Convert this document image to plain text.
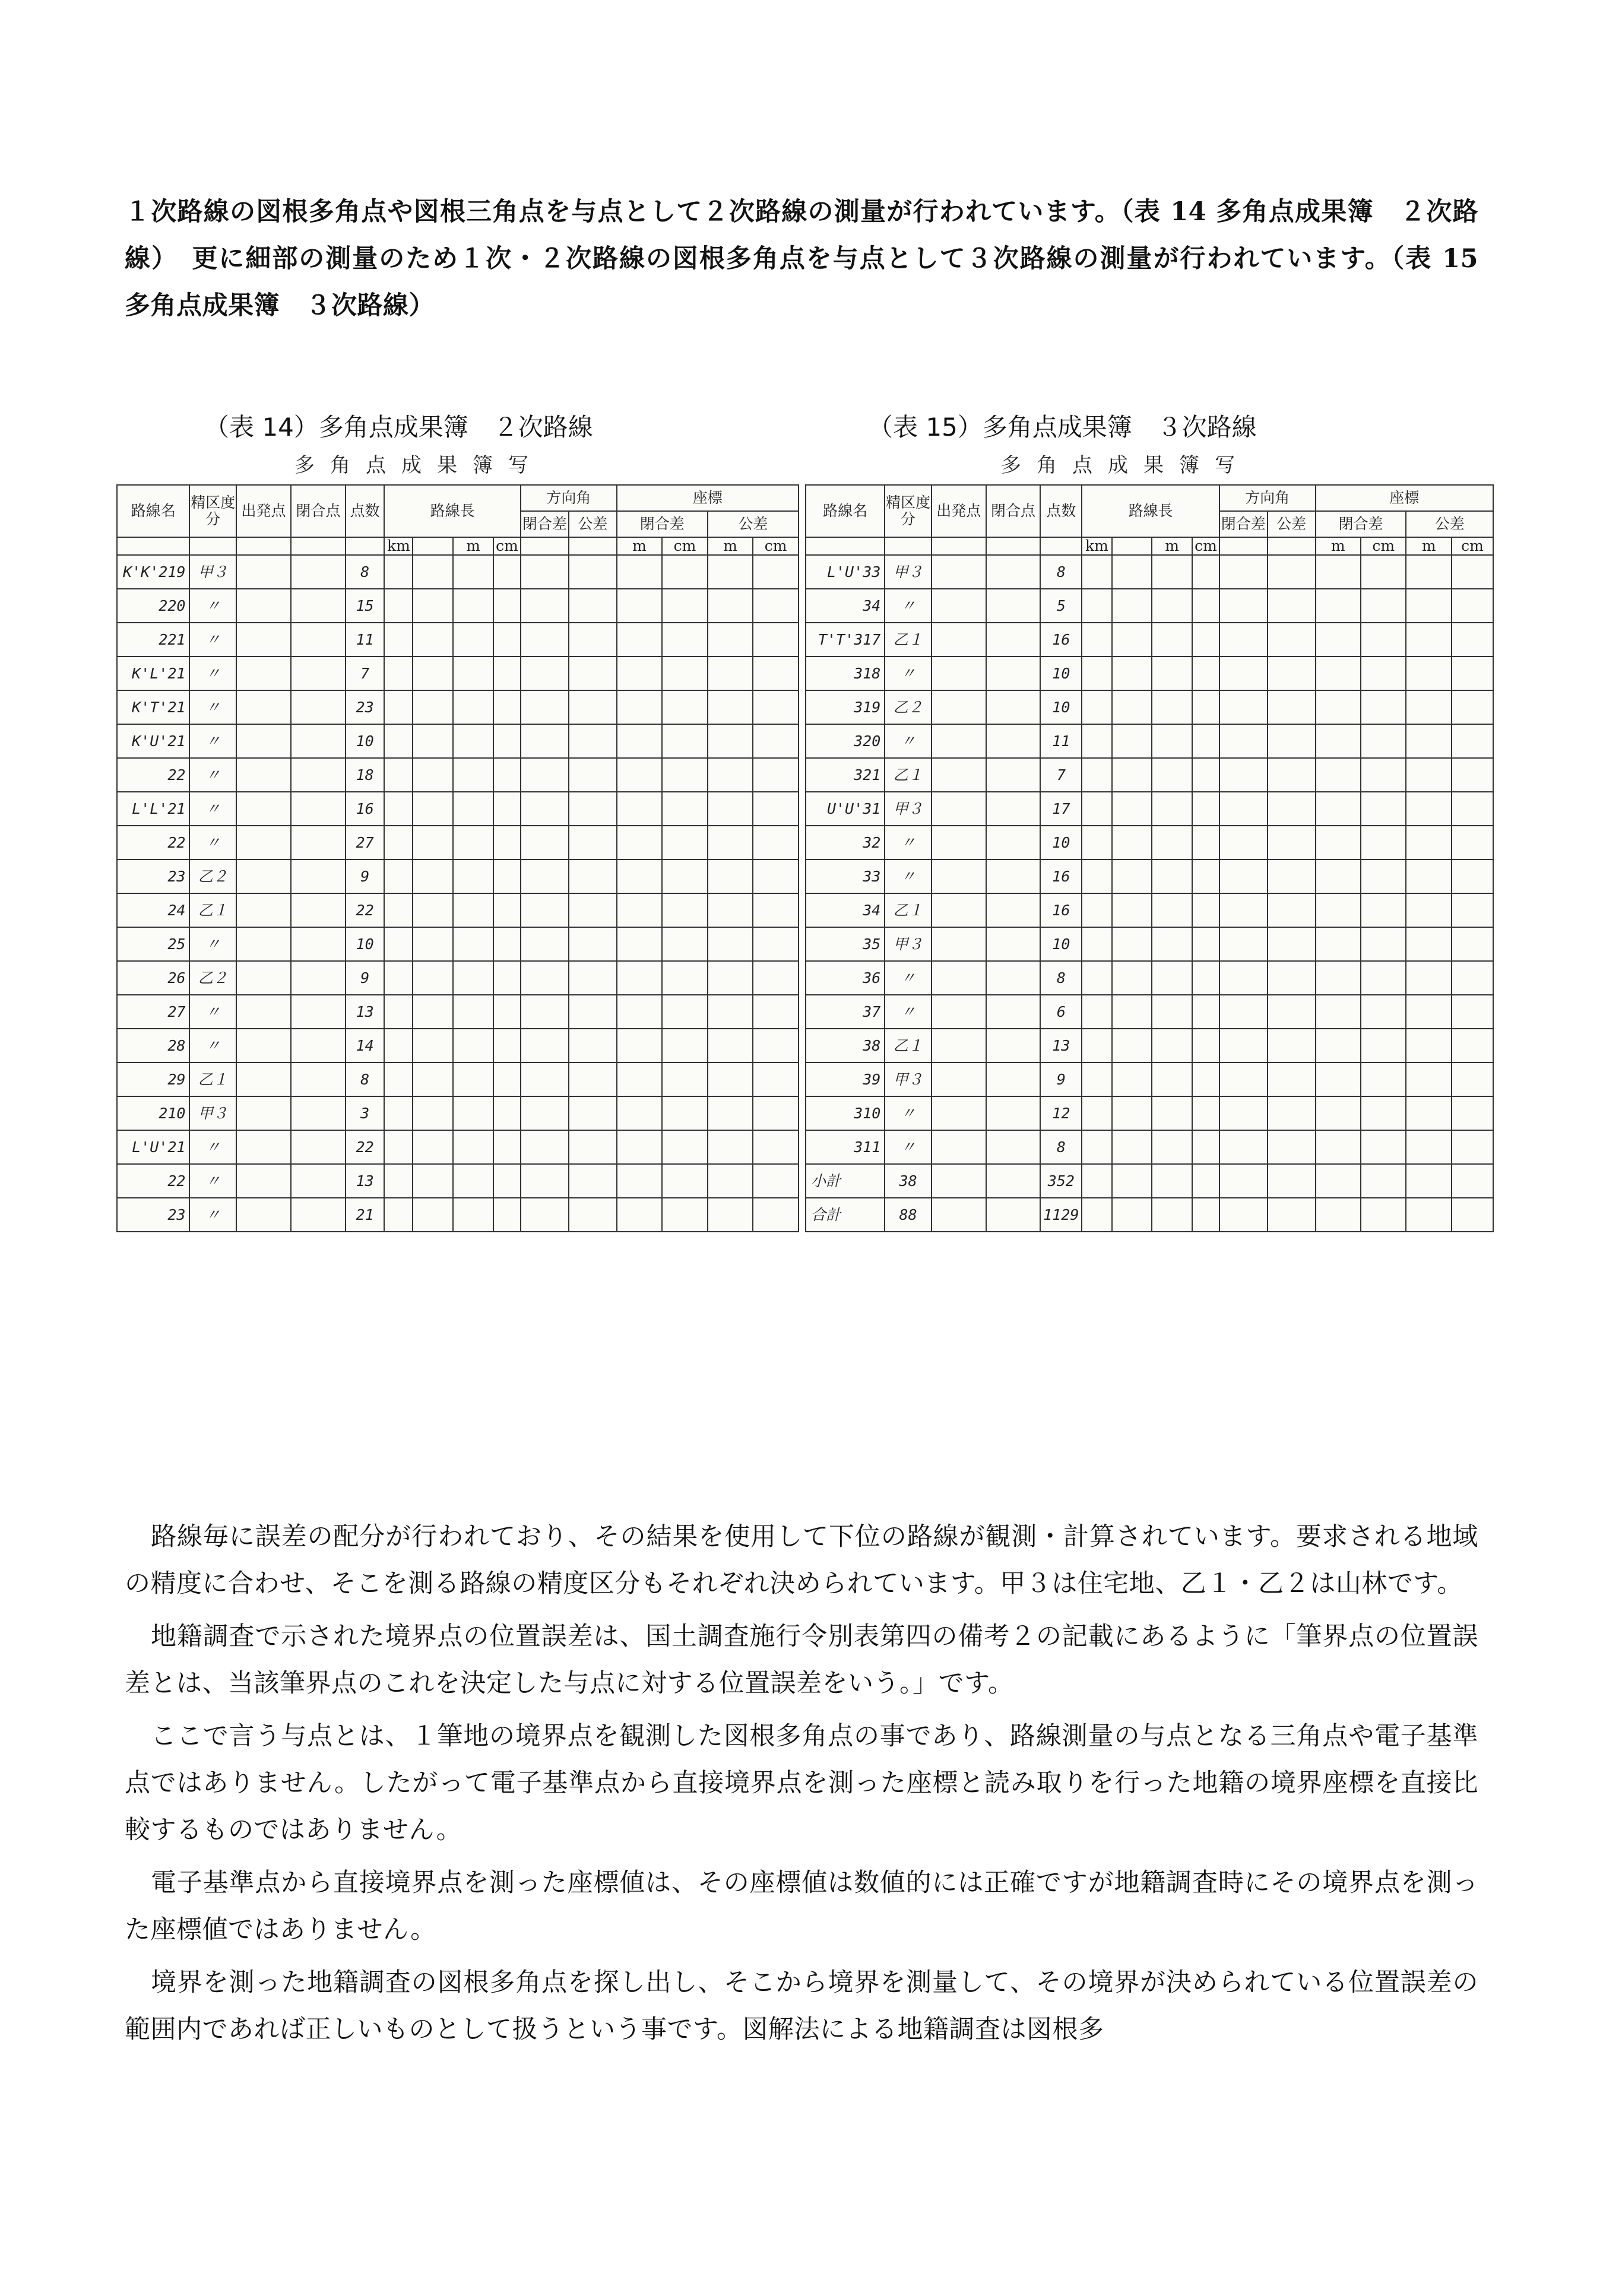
１次路線の図根多角点や図根三角点を与点として２次路線の測量が行われています。（表 14 多角点成果簿　２次路線）　更に細部の測量のため１次・２次路線の図根多角点を与点として３次路線の測量が行われています。（表 15　多角点成果簿　３次路線）

（表 14）多角点成果簿　２次路線
多角点成果簿写
路線名	精区度分	出発点	閉合点	点数	路線長				方向角		座標			
									閉合差	公差	閉合差		公差	
					km		m	cm			m	cm	m	cm
K'K'219	甲３			8										
220	〃			15										
221	〃			11										
K'L'21	〃			7										
K'T'21	〃			23										
K'U'21	〃			10										
22	〃			18										
L'L'21	〃			16										
22	〃			27										
23	乙２			9										
24	乙１			22										
25	〃			10										
26	乙２			9										
27	〃			13										
28	〃			14										
29	乙１			8										
210	甲３			3										
L'U'21	〃			22										
22	〃			13										
23	〃			21										
（表 15）多角点成果簿　３次路線
多角点成果簿写
路線名	精区度分	出発点	閉合点	点数	路線長				方向角		座標			
									閉合差	公差	閉合差		公差	
					km		m	cm			m	cm	m	cm
L'U'33	甲３			8										
34	〃			5										
T'T'317	乙１			16										
318	〃			10										
319	乙２			10										
320	〃			11										
321	乙１			7										
U'U'31	甲３			17										
32	〃			10										
33	〃			16										
34	乙１			16										
35	甲３			10										
36	〃			8										
37	〃			6										
38	乙１			13										
39	甲３			9										
310	〃			12										
311	〃			8										
小計	38			352										
合計	88			1129										

路線毎に誤差の配分が行われており、その結果を使用して下位の路線が観測・計算されています。要求される地域の精度に合わせ、そこを測る路線の精度区分もそれぞれ決められています。甲３は住宅地、乙１・乙２は山林です。

地籍調査で示された境界点の位置誤差は、国土調査施行令別表第四の備考２の記載にあるように「筆界点の位置誤差とは、当該筆界点のこれを決定した与点に対する位置誤差をいう。」です。

ここで言う与点とは、１筆地の境界点を観測した図根多角点の事であり、路線測量の与点となる三角点や電子基準点ではありません。したがって電子基準点から直接境界点を測った座標と読み取りを行った地籍の境界座標を直接比較するものではありません。

電子基準点から直接境界点を測った座標値は、その座標値は数値的には正確ですが地籍調査時にその境界点を測った座標値ではありません。

境界を測った地籍調査の図根多角点を探し出し、そこから境界を測量して、その境界が決められている位置誤差の範囲内であれば正しいものとして扱うという事です。図解法による地籍調査は図根多
